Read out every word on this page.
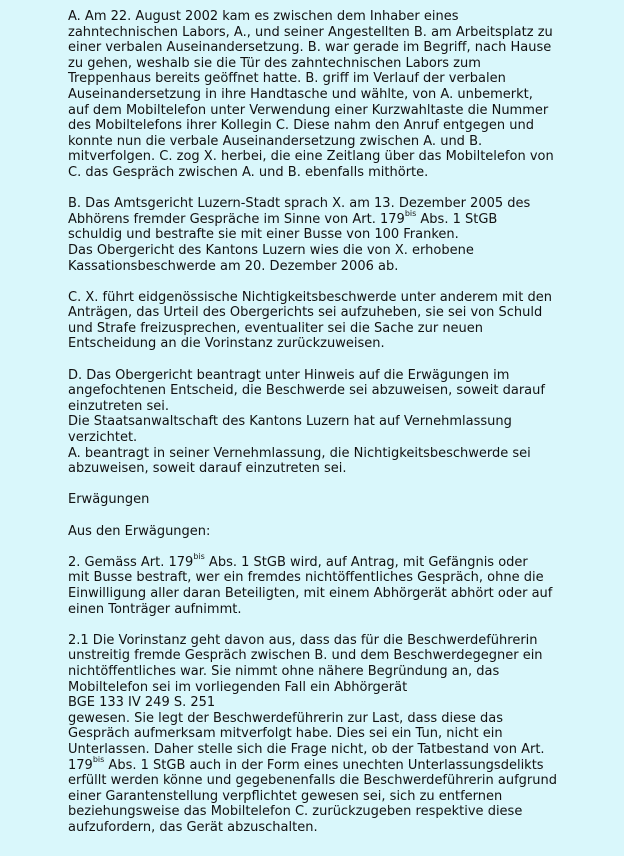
A. Am 22. August 2002 kam es zwischen dem Inhaber eines
zahntechnischen Labors, A., und seiner Angestellten B. am Arbeitsplatz zu
einer verbalen Auseinandersetzung. B. war gerade im Begriff, nach Hause
zu gehen, weshalb sie die Tür des zahntechnischen Labors zum
Treppenhaus bereits geöffnet hatte. B. griff im Verlauf der verbalen
Auseinandersetzung in ihre Handtasche und wählte, von A. unbemerkt,
auf dem Mobiltelefon unter Verwendung einer Kurzwahltaste die Nummer
des Mobiltelefons ihrer Kollegin C. Diese nahm den Anruf entgegen und
konnte nun die verbale Auseinandersetzung zwischen A. und B.
mitverfolgen. C. zog X. herbei, die eine Zeitlang über das Mobiltelefon von
C. das Gespräch zwischen A. und B. ebenfalls mithörte.
B. Das Amtsgericht Luzern-Stadt sprach X. am 13. Dezember 2005 des
Abhörens fremder Gespräche im Sinne von Art. $179^{bis}$ Abs. 1 StGB
schuldig und bestrafte sie mit einer Busse von 100 Franken.
Das Obergericht des Kantons Luzern wies die von X. erhobene
Kassationsbeschwerde am 20. Dezember 2006 ab.
C. X. führt eidgenössische Nichtigkeitsbeschwerde unter anderem mit den
Anträgen, das Urteil des Obergerichts sei aufzuheben, sie sei von Schuld
und Strafe freizusprechen, eventualiter sei die Sache zur neuen
Entscheidung an die Vorinstanz zurückzuweisen.
D. Das Obergericht beantragt unter Hinweis auf die Erwägungen im
angefochtenen Entscheid, die Beschwerde sei abzuweisen, soweit darauf
einzutreten sei.
Die Staatsanwaltschaft des Kantons Luzern hat auf Vernehmlassung
verzichtet.
A. beantragt in seiner Vernehmlassung, die Nichtigkeitsbeschwerde sei
abzuweisen, soweit darauf einzutreten sei.
Erwägungen
Aus den Erwägungen:
2. Gemäss Art. $179^{bis}$ Abs. 1 StGB wird, auf Antrag, mit Gefängnis oder
mit Busse bestraft, wer ein fremdes nichtöffentliches Gespräch, ohne die
Einwilligung aller daran Beteiligten, mit einem Abhörgerät abhört oder auf
einen Tonträger aufnimmt.
2.1 Die Vorinstanz geht davon aus, dass das für die Beschwerdeführerin
unstreitig fremde Gespräch zwischen B. und dem Beschwerdegegner ein
nichtöffentliches war. Sie nimmt ohne nähere Begründung an, das
Mobiltelefon sei im vorliegenden Fall ein Abhörgerät
BGE 133 IV 249 S. 251
gewesen. Sie legt der Beschwerdeführerin zur Last, dass diese das
Gespräch aufmerksam mitverfolgt habe. Dies sei ein Tun, nicht ein
Unterlassen. Daher stelle sich die Frage nicht, ob der Tatbestand von Art.
$179^{bis}$ Abs. 1 StGB auch in der Form eines unechten Unterlassungsdelikts
erfüllt werden könne und gegebenenfalls die Beschwerdeführerin aufgrund
einer Garantenstellung verpflichtet gewesen sei, sich zu entfernen
beziehungsweise das Mobiltelefon C. zurückzugeben respektive diese
aufzufordern, das Gerät abzuschalten.
